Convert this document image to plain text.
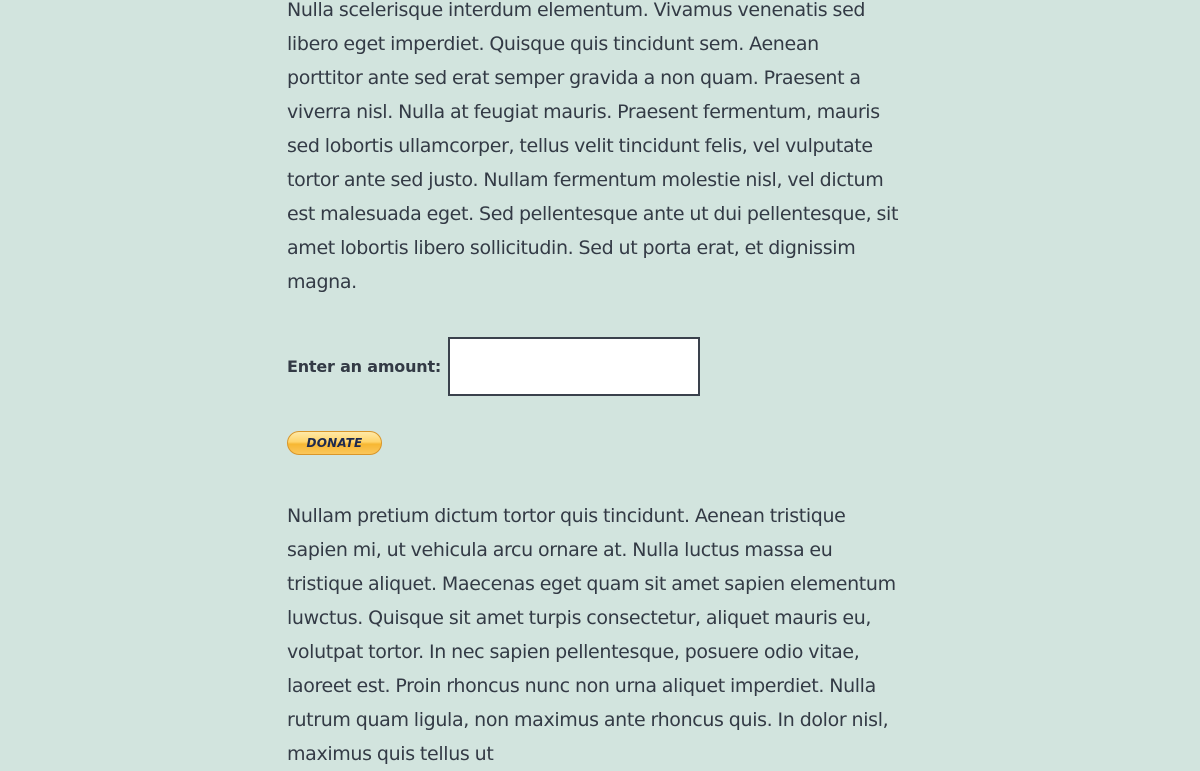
Nulla scelerisque interdum elementum. Vivamus venenatis sed libero eget imperdiet. Quisque quis tincidunt sem. Aenean porttitor ante sed erat semper gravida a non quam. Praesent a viverra nisl. Nulla at feugiat mauris. Praesent fermentum, mauris sed lobortis ullamcorper, tellus velit tincidunt felis, vel vulputate tortor ante sed justo. Nullam fermentum molestie nisl, vel dictum est malesuada eget. Sed pellentesque ante ut dui pellentesque, sit amet lobortis libero sollicitudin. Sed ut porta erat, et dignissim magna.

Enter an amount:
DONATE

Nullam pretium dictum tortor quis tincidunt. Aenean tristique sapien mi, ut vehicula arcu ornare at. Nulla luctus massa eu tristique aliquet. Maecenas eget quam sit amet sapien elementum luwctus. Quisque sit amet turpis consectetur, aliquet mauris eu, volutpat tortor. In nec sapien pellentesque, posuere odio vitae, laoreet est. Proin rhoncus nunc non urna aliquet imperdiet. Nulla rutrum quam ligula, non maximus ante rhoncus quis. In dolor nisl, maximus quis tellus ut
